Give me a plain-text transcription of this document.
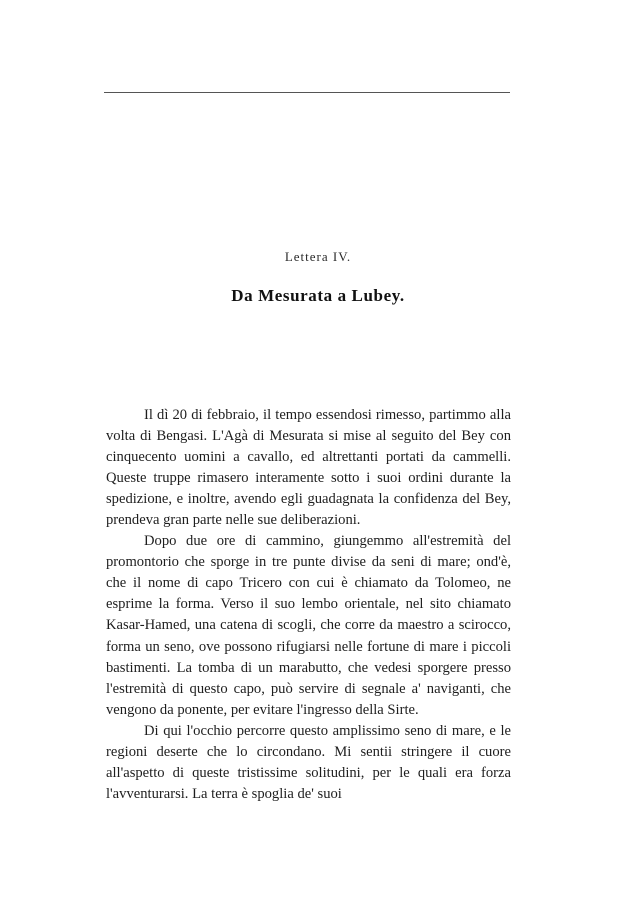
Lettera IV.
Da Mesurata a Lubey.

Il dì 20 di febbraio, il tempo essendosi rimesso, partimmo alla volta di Bengasi. L'Agà di Mesurata si mise al seguito del Bey con cinquecento uomini a cavallo, ed altrettanti portati da cammelli. Queste truppe rimasero interamente sotto i suoi ordini durante la spedizione, e inoltre, avendo egli guadagnata la confidenza del Bey, prendeva gran parte nelle sue deliberazioni.

Dopo due ore di cammino, giungemmo all'estremità del promontorio che sporge in tre punte divise da seni di mare; ond'è, che il nome di capo Tricero con cui è chiamato da Tolomeo, ne esprime la forma. Verso il suo lembo orientale, nel sito chiamato Kasar-Hamed, una catena di scogli, che corre da maestro a scirocco, forma un seno, ove possono rifugiarsi nelle fortune di mare i piccoli bastimenti. La tomba di un marabutto, che vedesi sporgere presso l'estremità di questo capo, può servire di segnale a' naviganti, che vengono da ponente, per evitare l'ingresso della Sirte.

Di qui l'occhio percorre questo amplissimo seno di mare, e le regioni deserte che lo circondano. Mi sentii stringere il cuore all'aspetto di queste tristissime solitudini, per le quali era forza l'avventurarsi. La terra è spoglia de' suoi
